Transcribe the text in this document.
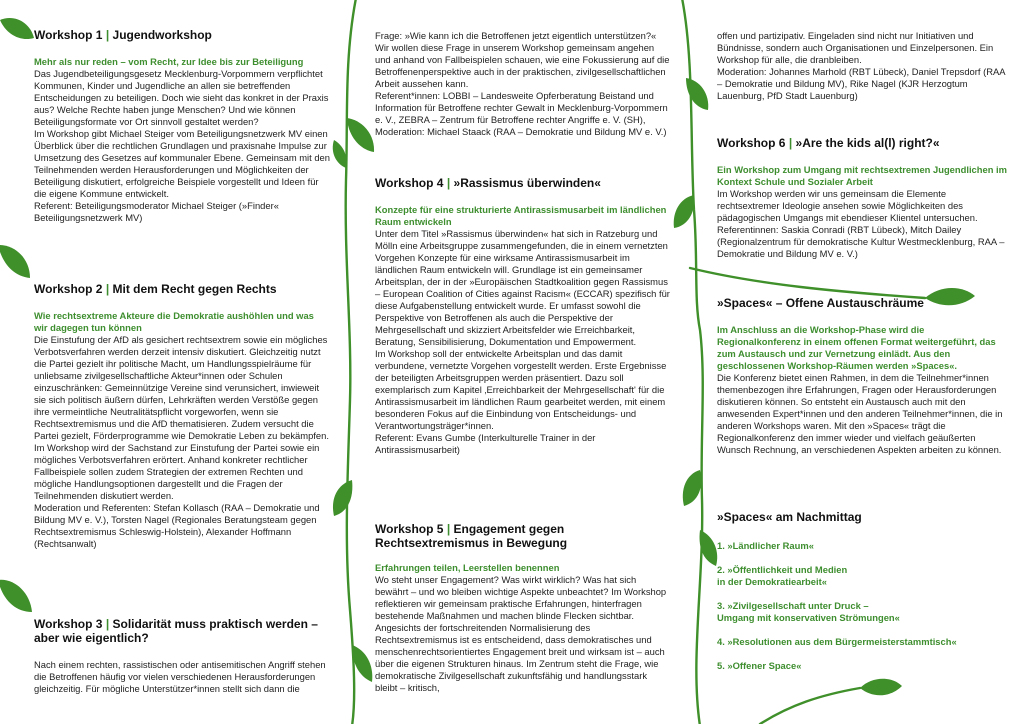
Workshop 1 | Jugendworkshop

Mehr als nur reden – vom Recht, zur Idee bis zur Beteiligung

Das Jugendbeteiligungsgesetz Mecklenburg-Vorpommern verpflichtet Kommunen, Kinder und Jugendliche an allen sie betreffenden Entscheidungen zu beteiligen. Doch wie sieht das konkret in der Praxis aus? Welche Rechte haben junge Menschen? Und wie können Beteiligungsformate vor Ort sinnvoll gestaltet werden?
Im Workshop gibt Michael Steiger vom Beteiligungsnetzwerk MV einen Überblick über die rechtlichen Grundlagen und praxisnahe Impulse zur Umsetzung des Gesetzes auf kommunaler Ebene. Gemeinsam mit den Teilnehmenden werden Herausforderungen und Möglichkeiten der Beteiligung diskutiert, erfolgreiche Beispiele vorgestellt und Ideen für die eigene Kommune entwickelt.
Referent: Beteiligungsmoderator Michael Steiger (»Finder« Beteiligungsnetzwerk MV)

Workshop 2 | Mit dem Recht gegen Rechts

Wie rechtsextreme Akteure die Demokratie aushöhlen und was wir dagegen tun können

Die Einstufung der AfD als gesichert rechtsextrem sowie ein mögliches Verbotsverfahren werden derzeit intensiv diskutiert. Gleichzeitig nutzt die Partei gezielt ihr politische Macht, um Handlungsspielräume für unliebsame zivilgesellschaftliche Akteur*innen oder Schulen einzuschränken: Gemeinnützige Vereine sind verunsichert, inwieweit sie sich politisch äußern dürfen, Lehrkräften werden Verstöße gegen ihre vermeintliche Neutralitätspflicht vorgeworfen, wenn sie Rechtsextremismus und die AfD thematisieren. Zudem versucht die Partei gezielt, Förderprogramme wie Demokratie Leben zu bekämpfen. Im Workshop wird der Sachstand zur Einstufung der Partei sowie ein mögliches Verbotsverfahren erörtert. Anhand konkreter rechtlicher Fallbeispiele sollen zudem Strategien der extremen Rechten und mögliche Handlungsoptionen dargestellt und die Fragen der Teilnehmenden diskutiert werden.
Moderation und Referenten: Stefan Kollasch (RAA – Demokratie und Bildung MV e. V.), Torsten Nagel (Regionales Beratungsteam gegen Rechtsextremismus Schleswig-Holstein), Alexander Hoffmann (Rechtsanwalt)

Workshop 3 | Solidarität muss praktisch werden – aber wie eigentlich?

Nach einem rechten, rassistischen oder antisemitischen Angriff stehen die Betroffenen häufig vor vielen verschiedenen Herausforderungen gleichzeitig. Für mögliche Unterstützer*innen stellt sich dann die

Frage: »Wie kann ich die Betroffenen jetzt eigentlich unterstützen?« Wir wollen diese Frage in unserem Workshop gemeinsam angehen und anhand von Fallbeispielen schauen, wie eine Fokussierung auf die Betroffenenperspektive auch in der praktischen, zivilgesellschaftlichen Arbeit aussehen kann.
Referent*innen: LOBBI – Landesweite Opferberatung Beistand und Information für Betroffene rechter Gewalt in Mecklenburg-Vorpommern e. V., ZEBRA – Zentrum für Betroffene rechter Angriffe e. V. (SH), Moderation: Michael Staack (RAA – Demokratie und Bildung MV e. V.)

Workshop 4 | »Rassismus überwinden«

Konzepte für eine strukturierte Antirassismusarbeit im ländlichen Raum entwickeln

Unter dem Titel »Rassismus überwinden« hat sich in Ratzeburg und Mölln eine Arbeitsgruppe zusammengefunden, die in einem vernetzten Vorgehen Konzepte für eine wirksame Antirassismusarbeit im ländlichen Raum entwickeln will. Grundlage ist ein gemeinsamer Arbeitsplan, der in der »Europäischen Stadtkoalition gegen Rassismus – European Coalition of Cities against Racism« (ECCAR) spezifisch für diese Aufgabenstellung entwickelt wurde. Er umfasst sowohl die Perspektive von Betroffenen als auch die Perspektive der Mehrgesellschaft und skizziert Arbeitsfelder wie Erreichbarkeit, Beratung, Sensibilisierung, Dokumentation und Empowerment.
Im Workshop soll der entwickelte Arbeitsplan und das damit verbundene, vernetzte Vorgehen vorgestellt werden. Erste Ergebnisse der beteiligten Arbeitsgruppen werden präsentiert. Dazu soll exemplarisch zum Kapitel ‚Erreichbarkeit der Mehrgesellschaft' für die Antirassismusarbeit im ländlichen Raum gearbeitet werden, mit einem besonderen Fokus auf die Einbindung von Entscheidungs- und Verantwortungsträger*innen.
Referent: Evans Gumbe (Interkulturelle Trainer in der Antirassismusarbeit)

Workshop 5 | Engagement gegen Rechtsextremismus in Bewegung

Erfahrungen teilen, Leerstellen benennen

Wo steht unser Engagement? Was wirkt wirklich? Was hat sich bewährt – und wo bleiben wichtige Aspekte unbeachtet? Im Workshop reflektieren wir gemeinsam praktische Erfahrungen, hinterfragen bestehende Maßnahmen und machen blinde Flecken sichtbar. Angesichts der fortschreitenden Normalisierung des Rechtsextremismus ist es entscheidend, dass demokratisches und menschenrechtsorientiertes Engagement breit und wirksam ist – auch über die eigenen Strukturen hinaus. Im Zentrum steht die Frage, wie demokratische Zivilgesellschaft zukunftsfähig und handlungsstark bleibt – kritisch,

offen und partizipativ. Eingeladen sind nicht nur Initiativen und Bündnisse, sondern auch Organisationen und Einzelpersonen. Ein Workshop für alle, die dranbleiben.
Moderation: Johannes Marhold (RBT Lübeck), Daniel Trepsdorf (RAA – Demokratie und Bildung MV), Rike Nagel (KJR Herzogtum Lauenburg, PfD Stadt Lauenburg)

Workshop 6 | »Are the kids al(l) right?«

Ein Workshop zum Umgang mit rechtsextremen Jugendlichen im Kontext Schule und Sozialer Arbeit

Im Workshop werden wir uns gemeinsam die Elemente rechtsextremer Ideologie ansehen sowie Möglichkeiten des pädagogischen Umgangs mit ebendieser Klientel untersuchen.
Referentinnen: Saskia Conradi (RBT Lübeck), Mitch Dailey (Regionalzentrum für demokratische Kultur Westmecklenburg, RAA – Demokratie und Bildung MV e. V.)

»Spaces« – Offene Austauschräume

Im Anschluss an die Workshop-Phase wird die Regionalkonferenz in einem offenen Format weitergeführt, das zum Austausch und zur Vernetzung einlädt. Aus den geschlossenen Workshop-Räumen werden »Spaces«.

Die Konferenz bietet einen Rahmen, in dem die Teilnehmer*innen themenbezogen ihre Erfahrungen, Fragen oder Herausforderungen diskutieren können. So entsteht ein Austausch auch mit den anwesenden Expert*innen und den anderen Teilnehmer*innen, die in anderen Workshops waren. Mit den »Spaces« trägt die Regionalkonferenz den immer wieder und vielfach geäußerten Wunsch Rechnung, an verschiedenen Aspekten arbeiten zu können.

»Spaces« am Nachmittag

1. »Ländlicher Raum«
2. »Öffentlichkeit und Medien
in der Demokratiearbeit«
3. »Zivilgesellschaft unter Druck –
Umgang mit konservativen Strömungen«
4. »Resolutionen aus dem Bürgermeisterstammtisch«
5. »Offener Space«
